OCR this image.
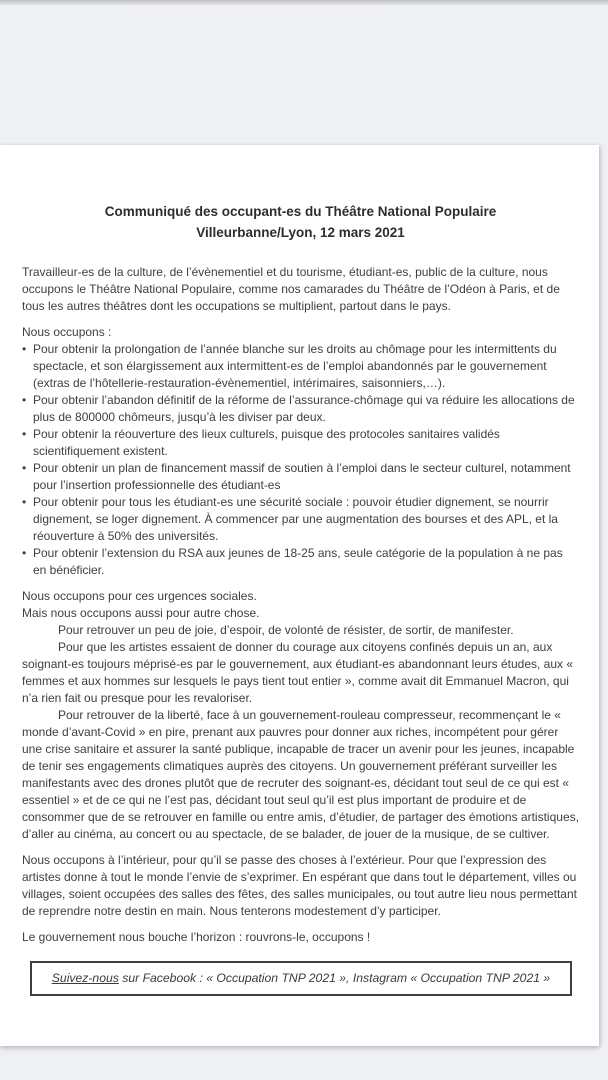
Communiqué des occupant-es du Théâtre National Populaire
Villeurbanne/Lyon, 12 mars 2021

Travailleur-es de la culture, de l’évènementiel et du tourisme, étudiant-es, public de la culture, nous occupons le Théâtre National Populaire, comme nos camarades du Théâtre de l’Odéon à Paris, et de tous les autres théâtres dont les occupations se multiplient, partout dans le pays.

Nous occupons :

• Pour obtenir la prolongation de l’année blanche sur les droits au chômage pour les intermittents du spectacle, et son élargissement aux intermittent-es de l’emploi abandonnés par le gouvernement (extras de l’hôtellerie-restauration-évènementiel, intérimaires, saisonniers,…).
• Pour obtenir l’abandon définitif de la réforme de l’assurance-chômage qui va réduire les allocations de plus de 800000 chômeurs, jusqu’à les diviser par deux.
• Pour obtenir la réouverture des lieux culturels, puisque des protocoles sanitaires validés scientifiquement existent.
• Pour obtenir un plan de financement massif de soutien à l’emploi dans le secteur culturel, notamment pour l’insertion professionnelle des étudiant-es
• Pour obtenir pour tous les étudiant-es une sécurité sociale : pouvoir étudier dignement, se nourrir dignement, se loger dignement. À commencer par une augmentation des bourses et des APL, et la réouverture à 50% des universités.
• Pour obtenir l’extension du RSA aux jeunes de 18-25 ans, seule catégorie de la population à ne pas en bénéficier.

Nous occupons pour ces urgences sociales.

Mais nous occupons aussi pour autre chose.

Pour retrouver un peu de joie, d’espoir, de volonté de résister, de sortir, de manifester.

Pour que les artistes essaient de donner du courage aux citoyens confinés depuis un an, aux soignant-es toujours méprisé-es par le gouvernement, aux étudiant-es abandonnant leurs études, aux « femmes et aux hommes sur lesquels le pays tient tout entier », comme avait dit Emmanuel Macron, qui n’a rien fait ou presque pour les revaloriser.

Pour retrouver de la liberté, face à un gouvernement-rouleau compresseur, recommençant le « monde d’avant-Covid » en pire, prenant aux pauvres pour donner aux riches, incompétent pour gérer une crise sanitaire et assurer la santé publique, incapable de tracer un avenir pour les jeunes, incapable de tenir ses engagements climatiques auprès des citoyens. Un gouvernement préférant surveiller les manifestants avec des drones plutôt que de recruter des soignant-es, décidant tout seul de ce qui est « essentiel » et de ce qui ne l’est pas, décidant tout seul qu’il est plus important de produire et de consommer que de se retrouver en famille ou entre amis, d’étudier, de partager des émotions artistiques, d’aller au cinéma, au concert ou au spectacle, de se balader, de jouer de la musique, de se cultiver.

Nous occupons à l’intérieur, pour qu’il se passe des choses à l’extérieur. Pour que l’expression des artistes donne à tout le monde l’envie de s’exprimer. En espérant que dans tout le département, villes ou villages, soient occupées des salles des fêtes, des salles municipales, ou tout autre lieu nous permettant de reprendre notre destin en main. Nous tenterons modestement d’y participer.

Le gouvernement nous bouche l’horizon : rouvrons-le, occupons !

Suivez-nous sur Facebook : « Occupation TNP 2021 », Instagram « Occupation TNP 2021 »
